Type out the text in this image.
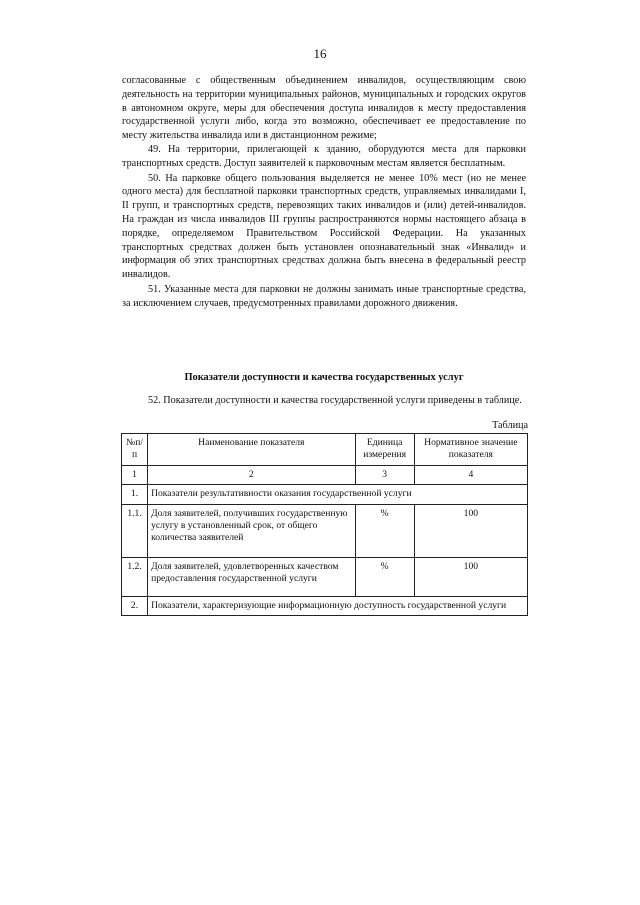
16

согласованные с общественным объединением инвалидов, осуществляющим свою деятельность на территории муниципальных районов, муниципальных и городских округов в автономном округе, меры для обеспечения доступа инвалидов к месту предоставления государственной услуги либо, когда это возможно, обеспечивает ее предоставление по месту жительства инвалида или в дистанционном режиме;

49. На территории, прилегающей к зданию, оборудуются места для парковки транспортных средств. Доступ заявителей к парковочным местам является бесплатным.

50. На парковке общего пользования выделяется не менее 10% мест (но не менее одного места) для бесплатной парковки транспортных средств, управляемых инвалидами I, II групп, и транспортных средств, перевозящих таких инвалидов и (или) детей-инвалидов. На граждан из числа инвалидов III группы распространяются нормы настоящего абзаца в порядке, определяемом Правительством Российской Федерации. На указанных транспортных средствах должен быть установлен опознавательный знак «Инвалид» и информация об этих транспортных средствах должна быть внесена в федеральный реестр инвалидов.

51. Указанные места для парковки не должны занимать иные транспортные средства, за исключением случаев, предусмотренных правилами дорожного движения.

Показатели доступности и качества государственных услуг
52. Показатели доступности и качества государственной услуги приведены в таблице.
Таблица
№п/п	Наименование показателя	Единица измерения	Нормативное значение показателя
1	2	3	4
1.	Показатели результативности оказания государственной услуги		
1.1.	Доля заявителей, получивших государственную услугу в установленный срок, от общего количества заявителей	%	100
1.2.	Доля заявителей, удовлетворенных качеством предоставления государственной услуги	%	100
2.	Показатели, характеризующие информационную доступность государственной услуги		
